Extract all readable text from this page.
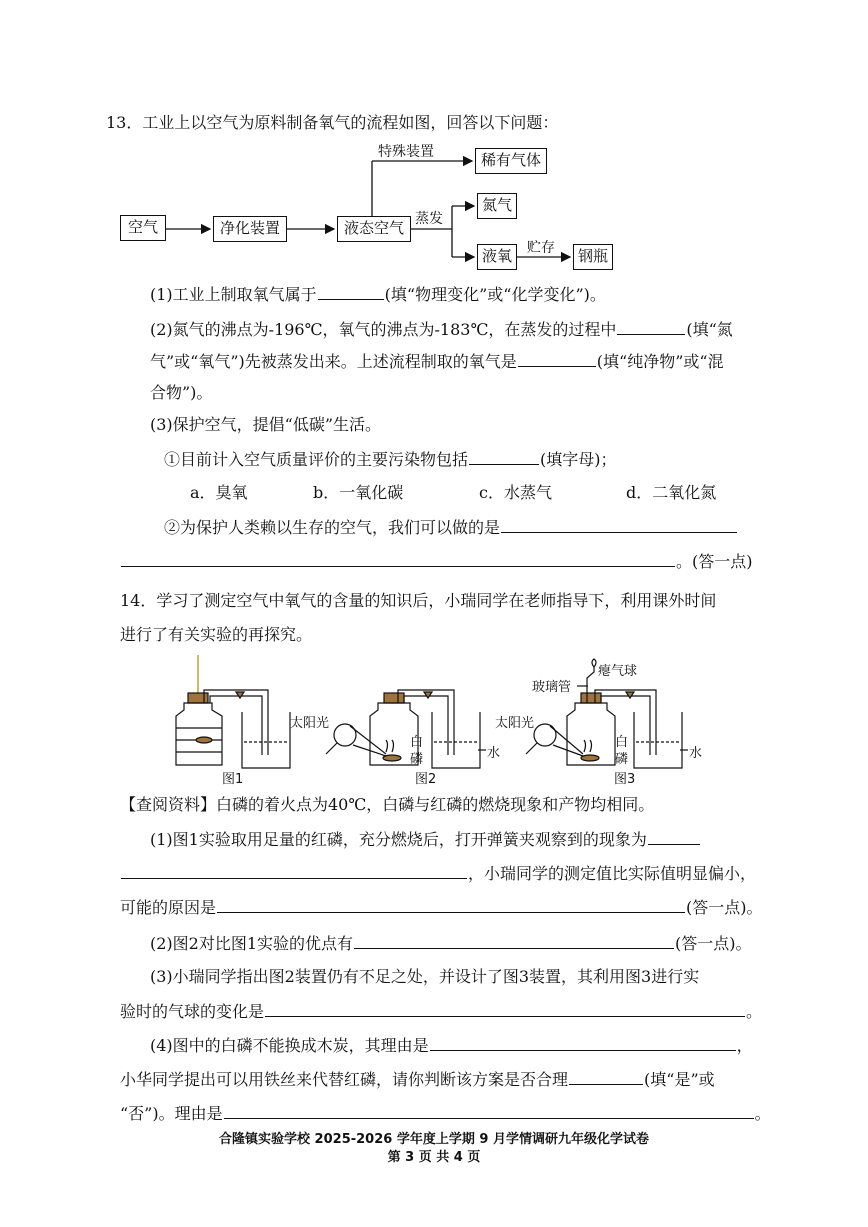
13．工业上以空气为原料制备氧气的流程如图，回答以下问题：
空气	净化装置	液态空气
特殊装置	稀有气体
蒸发
氮气
液氧	贮存	钢瓶
(1)工业上制取氧气属于	(填“物理变化”或“化学变化”)。
(2)氮气的沸点为-196℃，氧气的沸点为-183℃，在蒸发的过程中	(填“氮
气”或“氧气”)先被蒸发出来。上述流程制取的氧气是	(填“纯净物”或“混
合物”)。
(3)保护空气，提倡“低碳”生活。
①目前计入空气质量评价的主要污染物包括	(填字母)；
a．臭氧	b．一氧化碳	c．水蒸气	d．二氧化氮
②为保护人类赖以生存的空气，我们可以做的是
。(答一点)
14．学习了测定空气中氧气的含量的知识后，小瑞同学在老师指导下，利用课外时间
进行了有关实验的再探究。
图1	图2	图3
太阳光
白
磷	水
玻璃管
瘪气球
太阳光
白
磷	水
【查阅资料】白磷的着火点为40℃，白磷与红磷的燃烧现象和产物均相同。
(1)图1实验取用足量的红磷，充分燃烧后，打开弹簧夹观察到的现象为
，小瑞同学的测定值比实际值明显偏小，
可能的原因是	(答一点)。
(2)图2对比图1实验的优点有	(答一点)。
(3)小瑞同学指出图2装置仍有不足之处，并设计了图3装置，其利用图3进行实
验时的气球的变化是	。
(4)图中的白磷不能换成木炭，其理由是	，
小华同学提出可以用铁丝来代替红磷，请你判断该方案是否合理	(填“是”或
“否”)。理由是	。
合隆镇实验学校 2025-2026 学年度上学期 9 月学情调研九年级化学试卷
第 3 页 共 4 页
